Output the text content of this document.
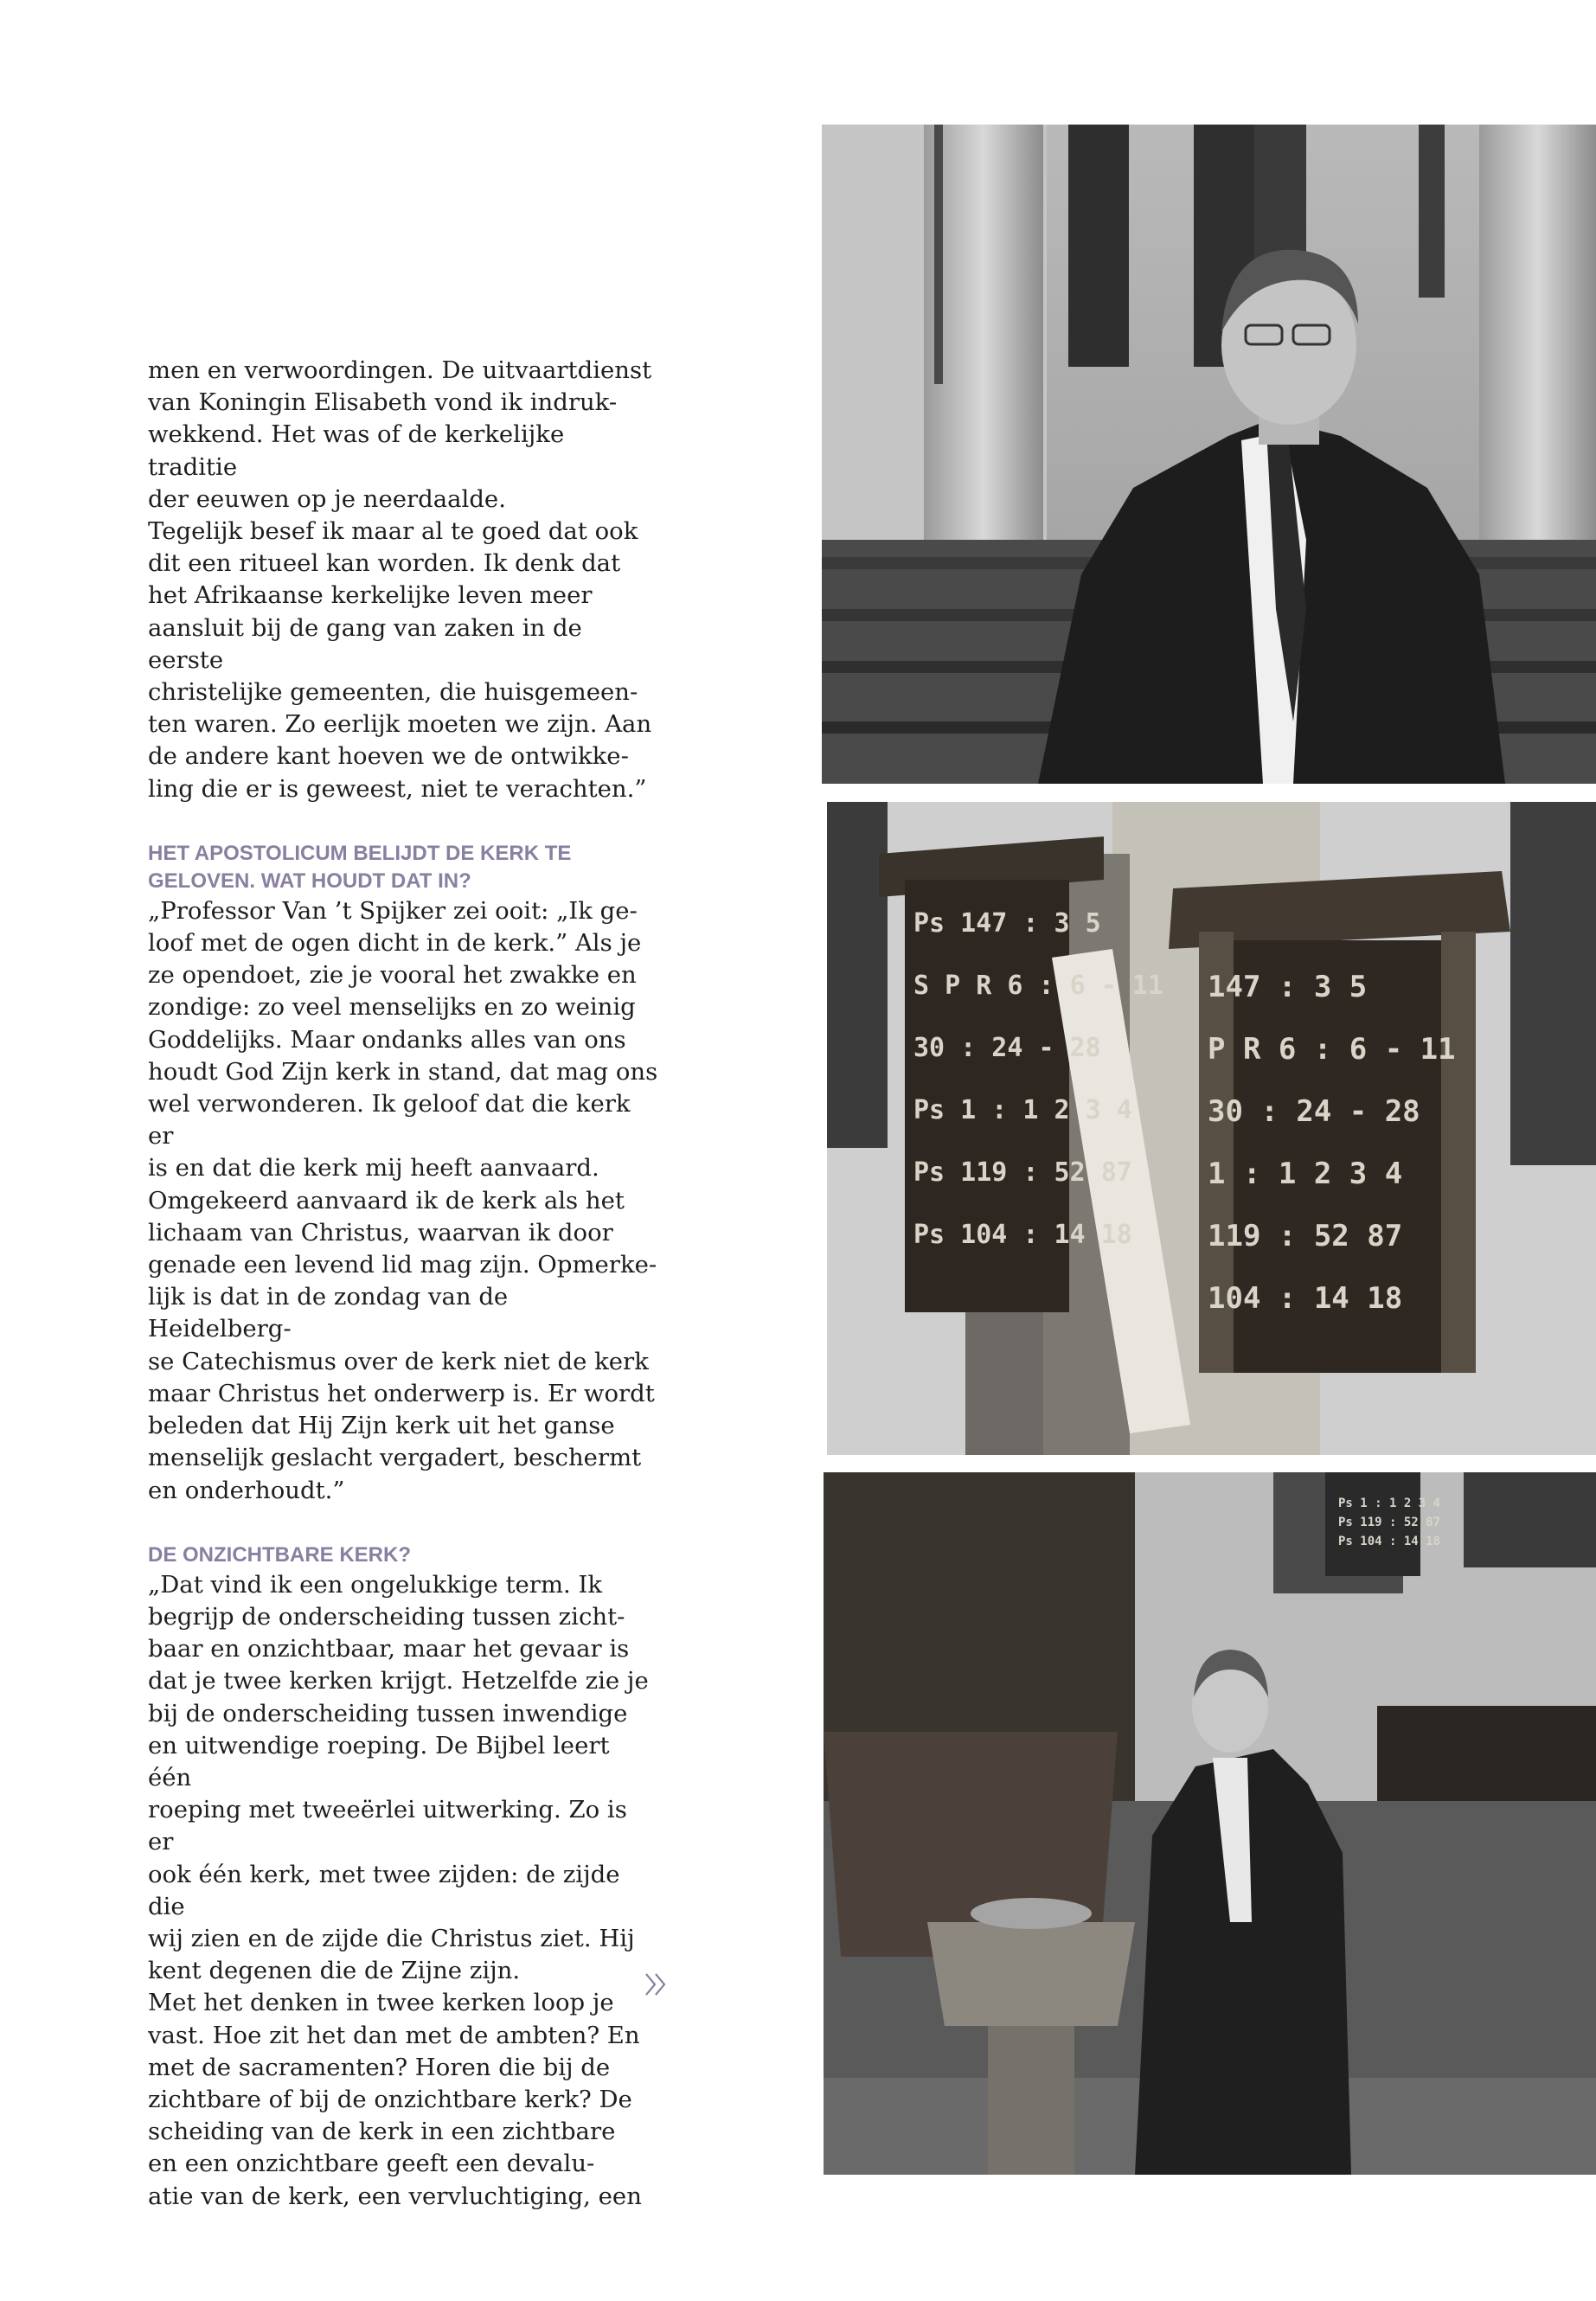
men en verwoordingen. De uitvaartdienst
van Koningin Elisabeth vond ik indruk-
wekkend. Het was of de kerkelijke traditie
der eeuwen op je neerdaalde.
Tegelijk besef ik maar al te goed dat ook
dit een ritueel kan worden. Ik denk dat
het Afrikaanse kerkelijke leven meer
aansluit bij de gang van zaken in de eerste
christelijke gemeenten, die huisgemeen-
ten waren. Zo eerlijk moeten we zijn. Aan
de andere kant hoeven we de ontwikke-
ling die er is geweest, niet te verachten.”

HET APOSTOLICUM BELIJDT DE KERK TE
GELOVEN. WAT HOUDT DAT IN?

„Professor Van ’t Spijker zei ooit: „Ik ge-
loof met de ogen dicht in de kerk.” Als je
ze opendoet, zie je vooral het zwakke en
zondige: zo veel menselijks en zo weinig
Goddelijks. Maar ondanks alles van ons
houdt God Zijn kerk in stand, dat mag ons
wel verwonderen. Ik geloof dat die kerk er
is en dat die kerk mij heeft aanvaard.
Omgekeerd aanvaard ik de kerk als het
lichaam van Christus, waarvan ik door
genade een levend lid mag zijn. Opmerke-
lijk is dat in de zondag van de Heidelberg-
se Catechismus over de kerk niet de kerk
maar Christus het onderwerp is. Er wordt
beleden dat Hij Zijn kerk uit het ganse
menselijk geslacht vergadert, beschermt
en onderhoudt.”

DE ONZICHTBARE KERK?

„Dat vind ik een ongelukkige term. Ik
begrijp de onderscheiding tussen zicht-
baar en onzichtbaar, maar het gevaar is
dat je twee kerken krijgt. Hetzelfde zie je
bij de onderscheiding tussen inwendige
en uitwendige roeping. De Bijbel leert één
roeping met tweeërlei uitwerking. Zo is er
ook één kerk, met twee zijden: de zijde die
wij zien en de zijde die Christus ziet. Hij
kent degenen die de Zijne zijn.
Met het denken in twee kerken loop je
vast. Hoe zit het dan met de ambten? En
met de sacramenten? Horen die bij de
zichtbare of bij de onzichtbare kerk? De
scheiding van de kerk in een zichtbare
en een onzichtbare geeft een devalu-
atie van de kerk, een vervluchtiging, een

Ps 147 : 3 5
S P R 6 : 6 - 11
30 : 24 - 28
Ps 1 : 1 2 3 4
Ps 119 : 52 87
Ps 104 : 14 18
147 : 3 5
P R 6 : 6 - 11
30 : 24 - 28
1 : 1 2 3 4
119 : 52 87
104 : 14 18
Ps 1 : 1 2 3 4
Ps 119 : 52 87
Ps 104 : 14 18
